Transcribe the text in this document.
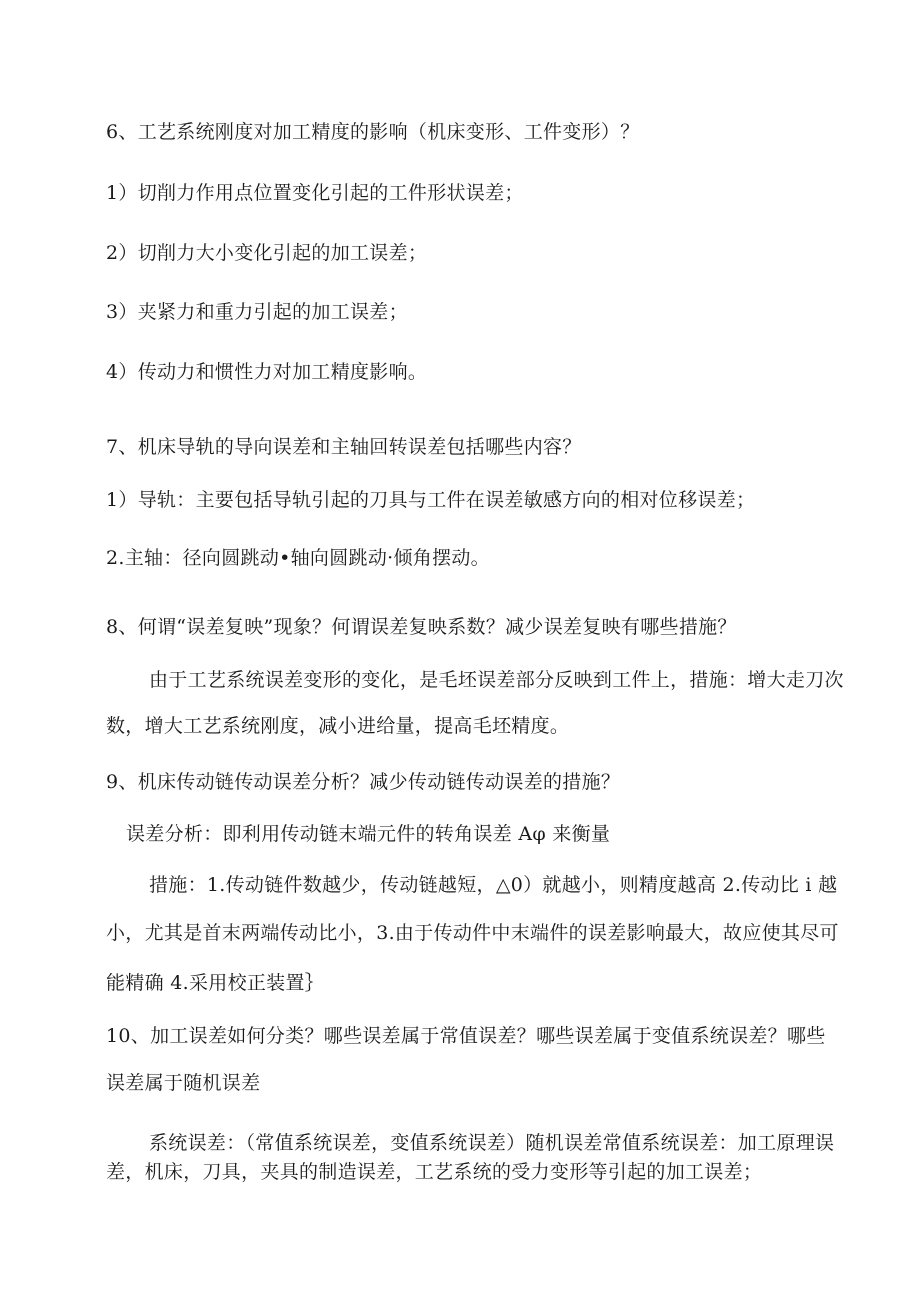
6、工艺系统刚度对加工精度的影响（机床变形、工件变形）？
1）切削力作用点位置变化引起的工件形状误差；
2）切削力大小变化引起的加工误差；
3）夹紧力和重力引起的加工误差；
4）传动力和惯性力对加工精度影响。
7、机床导轨的导向误差和主轴回转误差包括哪些内容？
1）导轨：主要包括导轨引起的刀具与工件在误差敏感方向的相对位移误差；
2.主轴：径向圆跳动•轴向圆跳动·倾角摆动。
8、何谓“误差复映”现象？何谓误差复映系数？减少误差复映有哪些措施？
由于工艺系统误差变形的变化，是毛坯误差部分反映到工件上，措施：增大走刀次
数，增大工艺系统刚度，减小进给量，提高毛坯精度。
9、机床传动链传动误差分析？减少传动链传动误差的措施？
误差分析：即利用传动链末端元件的转角误差 Aφ 来衡量
措施：1.传动链件数越少，传动链越短，△0）就越小，则精度越高 2.传动比 i 越
小，尤其是首末两端传动比小，3.由于传动件中末端件的误差影响最大，故应使其尽可
能精确 4.采用校正装置｝
10、加工误差如何分类？哪些误差属于常值误差？哪些误差属于变值系统误差？哪些
误差属于随机误差
系统误差：（常值系统误差，变值系统误差）随机误差常值系统误差：加工原理误
差，机床，刀具，夹具的制造误差，工艺系统的受力变形等引起的加工误差；
